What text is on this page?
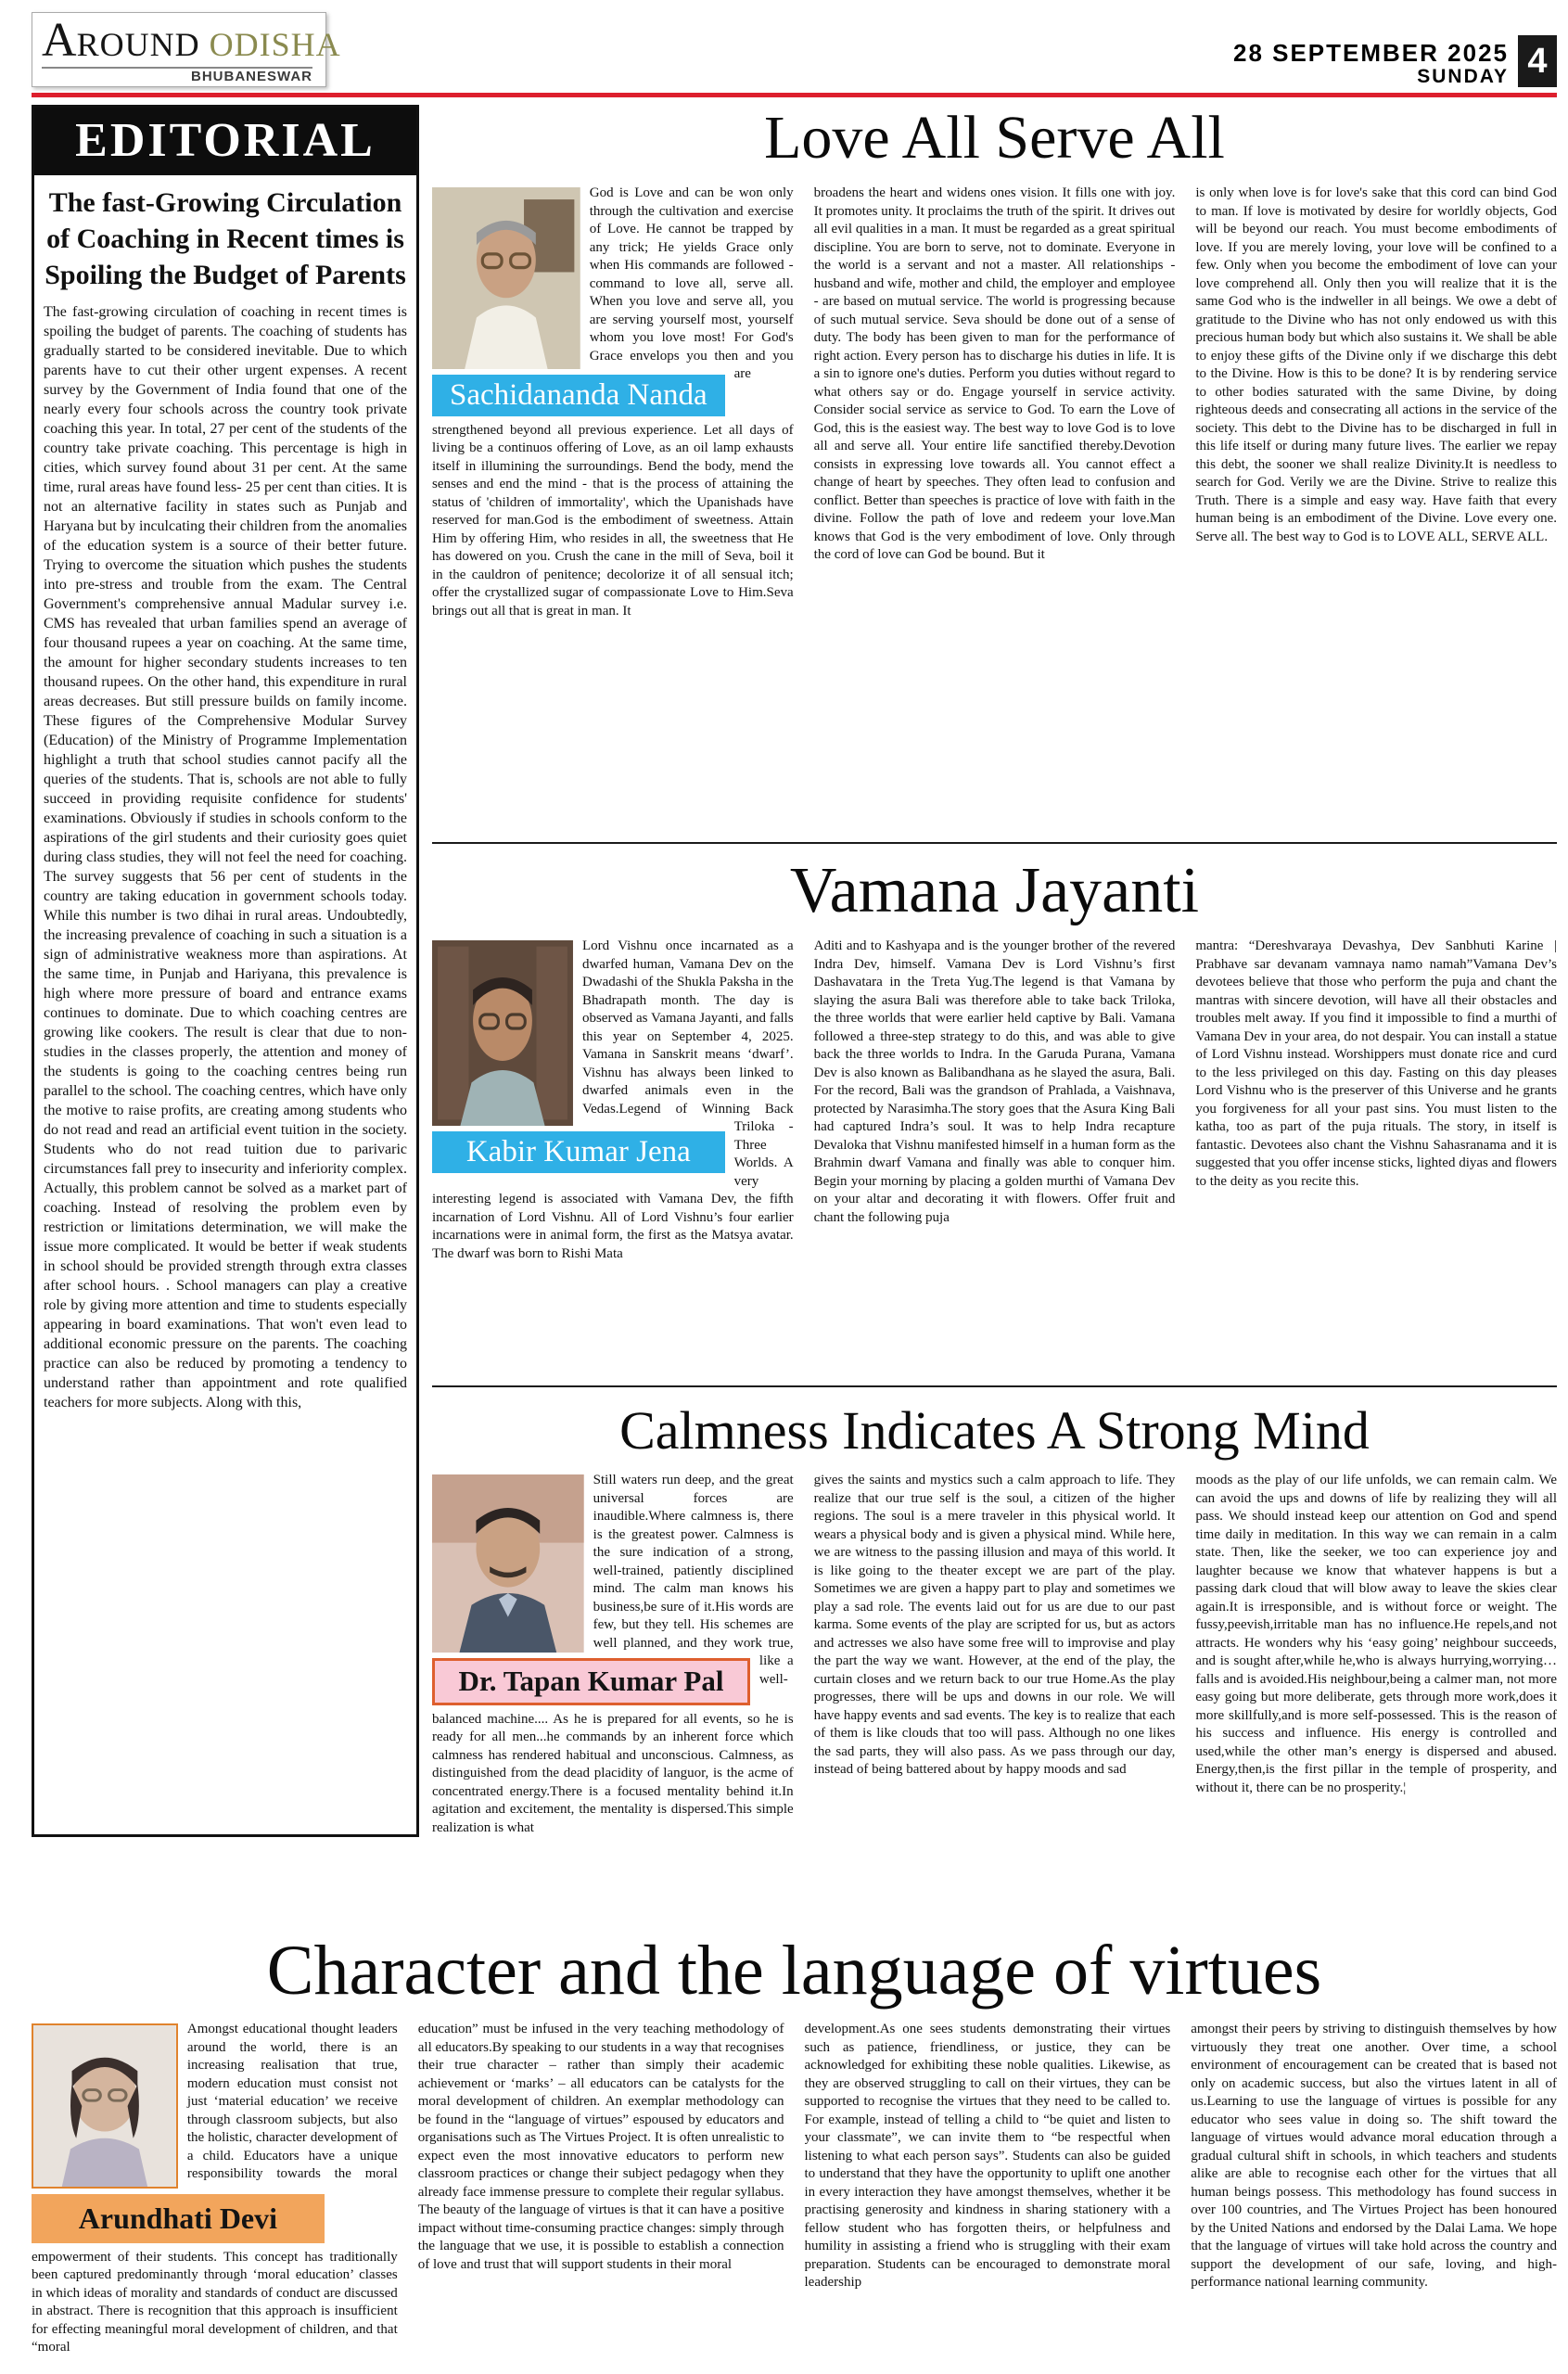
AROUND ODISHA
BHUBANESWAR
28 SEPTEMBER 2025
SUNDAY 4
EDITORIAL
The fast-Growing Circulation of Coaching in Recent times is Spoiling the Budget of Parents
The fast-growing circulation of coaching in recent times is spoiling the budget of parents. The coaching of students has gradually started to be considered inevitable. Due to which parents have to cut their other urgent expenses. A recent survey by the Government of India found that one of the nearly every four schools across the country took private coaching this year. In total, 27 per cent of the students of the country take private coaching. This percentage is high in cities, which survey found about 31 per cent. At the same time, rural areas have found less- 25 per cent than cities. It is not an alternative facility in states such as Punjab and Haryana but by inculcating their children from the anomalies of the education system is a source of their better future. Trying to overcome the situation which pushes the students into pre-stress and trouble from the exam. The Central Government's comprehensive annual Madular survey i.e. CMS has revealed that urban families spend an average of four thousand rupees a year on coaching. At the same time, the amount for higher secondary students increases to ten thousand rupees. On the other hand, this expenditure in rural areas decreases. But still pressure builds on family income. These figures of the Comprehensive Modular Survey (Education) of the Ministry of Programme Implementation highlight a truth that school studies cannot pacify all the queries of the students. That is, schools are not able to fully succeed in providing requisite confidence for students' examinations. Obviously if studies in schools conform to the aspirations of the girl students and their curiosity goes quiet during class studies, they will not feel the need for coaching. The survey suggests that 56 per cent of students in the country are taking education in government schools today. While this number is two dihai in rural areas. Undoubtedly, the increasing prevalence of coaching in such a situation is a sign of administrative weakness more than aspirations. At the same time, in Punjab and Hariyana, this prevalence is high where more pressure of board and entrance exams continues to dominate. Due to which coaching centres are growing like cookers. The result is clear that due to non-studies in the classes properly, the attention and money of the students is going to the coaching centres being run parallel to the school. The coaching centres, which have only the motive to raise profits, are creating among students who do not read and read an artificial event tuition in the society. Students who do not read tuition due to parivaric circumstances fall prey to insecurity and inferiority complex. Actually, this problem cannot be solved as a market part of coaching. Instead of resolving the problem even by restriction or limitations determination, we will make the issue more complicated. It would be better if weak students in school should be provided strength through extra classes after school hours. . School managers can play a creative role by giving more attention and time to students especially appearing in board examinations. That won't even lead to additional economic pressure on the parents. The coaching practice can also be reduced by promoting a tendency to understand rather than appointment and rote qualified teachers for more subjects. Along with this,
Love All Serve All
Sachidananda Nanda
God is Love and can be won only through the cultivation and exercise of Love. He cannot be trapped by any trick; He yields Grace only when His commands are followed - command to love all, serve all. When you love and serve all, you are serving yourself most, yourself whom you love most! For God's Grace envelops you then and you are strengthened beyond all previous experience. Let all days of living be a continuos offering of Love, as an oil lamp exhausts itself in illumining the surroundings. Bend the body, mend the senses and end the mind - that is the process of attaining the status of 'children of immortality', which the Upanishads have reserved for man.God is the embodiment of sweetness. Attain Him by offering Him, who resides in all, the sweetness that He has dowered on you. Crush the cane in the mill of Seva, boil it in the cauldron of penitence; decolorize it of all sensual itch; offer the crystallized sugar of compassionate Love to Him.Seva brings out all that is great in man. It
broadens the heart and widens ones vision. It fills one with joy. It promotes unity. It proclaims the truth of the spirit. It drives out all evil qualities in a man. It must be regarded as a great spiritual discipline. You are born to serve, not to dominate. Everyone in the world is a servant and not a master. All relationships - husband and wife, mother and child, the employer and employee - are based on mutual service. The world is progressing because of such mutual service. Seva should be done out of a sense of duty. The body has been given to man for the performance of right action. Every person has to discharge his duties in life. It is a sin to ignore one's duties. Perform you duties without regard to what others say or do. Engage yourself in service activity. Consider social service as service to God. To earn the Love of God, this is the easiest way. The best way to love God is to love all and serve all. Your entire life sanctified thereby.Devotion consists in expressing love towards all. You cannot effect a change of heart by speeches. They often lead to confusion and conflict. Better than speeches is practice of love with faith in the divine. Follow the path of love and redeem your love.Man knows that God is the very embodiment of love. Only through the cord of love can God be bound. But it
is only when love is for love's sake that this cord can bind God to man. If love is motivated by desire for worldly objects, God will be beyond our reach. You must become embodiments of love. If you are merely loving, your love will be confined to a few. Only when you become the embodiment of love can your love comprehend all. Only then you will realize that it is the same God who is the indweller in all beings. We owe a debt of gratitude to the Divine who has not only endowed us with this precious human body but which also sustains it. We shall be able to enjoy these gifts of the Divine only if we discharge this debt to the Divine. How is this to be done? It is by rendering service to other bodies saturated with the same Divine, by doing righteous deeds and consecrating all actions in the service of the society. This debt to the Divine has to be discharged in full in this life itself or during many future lives. The earlier we repay this debt, the sooner we shall realize Divinity.It is needless to search for God. Verily we are the Divine. Strive to realize this Truth. There is a simple and easy way. Have faith that every human being is an embodiment of the Divine. Love every one. Serve all. The best way to God is to LOVE ALL, SERVE ALL.
Vamana Jayanti
Kabir Kumar Jena
Lord Vishnu once incarnated as a dwarfed human, Vamana Dev on the Dwadashi of the Shukla Paksha in the Bhadrapath month. The day is observed as Vamana Jayanti, and falls this year on September 4, 2025. Vamana in Sanskrit means ‘dwarf’. Vishnu has always been linked to dwarfed animals even in the Vedas.Legend of Winning Back Triloka - Three Worlds. A very interesting legend is associated with Vamana Dev, the fifth incarnation of Lord Vishnu. All of Lord Vishnu’s four earlier incarnations were in animal form, the first as the Matsya avatar. The dwarf was born to Rishi Mata
Aditi and to Kashyapa and is the younger brother of the revered Indra Dev, himself. Vamana Dev is Lord Vishnu’s first Dashavatara in the Treta Yug.The legend is that Vamana by slaying the asura Bali was therefore able to take back Triloka, the three worlds that were earlier held captive by Bali. Vamana followed a three-step strategy to do this, and was able to give back the three worlds to Indra. In the Garuda Purana, Vamana Dev is also known as Balibandhana as he slayed the asura, Bali. For the record, Bali was the grandson of Prahlada, a Vaishnava, protected by Narasimha.The story goes that the Asura King Bali had captured Indra’s soul. It was to help Indra recapture Devaloka that Vishnu manifested himself in a human form as the Brahmin dwarf Vamana and finally was able to conquer him. Begin your morning by placing a golden murthi of Vamana Dev on your altar and decorating it with flowers. Offer fruit and chant the following puja
mantra: “Dereshvaraya Devashya, Dev Sanbhuti Karine | Prabhave sar devanam vamnaya namo namah”Vamana Dev’s devotees believe that those who perform the puja and chant the mantras with sincere devotion, will have all their obstacles and troubles melt away. If you find it impossible to find a murthi of Vamana Dev in your area, do not despair. You can install a statue of Lord Vishnu instead. Worshippers must donate rice and curd to the less privileged on this day. Fasting on this day pleases Lord Vishnu who is the preserver of this Universe and he grants you forgiveness for all your past sins. You must listen to the katha, too as part of the puja rituals. The story, in itself is fantastic. Devotees also chant the Vishnu Sahasranama and it is suggested that you offer incense sticks, lighted diyas and flowers to the deity as you recite this.
Calmness Indicates A Strong Mind
Dr. Tapan Kumar Pal
Still waters run deep, and the great universal forces are inaudible.Where calmness is, there is the greatest power. Calmness is the sure indication of a strong, well-trained, patiently disciplined mind. The calm man knows his business,be sure of it.His words are few, but they tell. His schemes are well planned, and they work true, like a well-balanced machine.... As he is prepared for all events, so he is ready for all men...he commands by an inherent force which calmness has rendered habitual and unconscious. Calmness, as distinguished from the dead placidity of languor, is the acme of concentrated energy.There is a focused mentality behind it.In agitation and excitement, the mentality is dispersed.This simple realization is what
gives the saints and mystics such a calm approach to life. They realize that our true self is the soul, a citizen of the higher regions. The soul is a mere traveler in this physical world. It wears a physical body and is given a physical mind. While here, we are witness to the passing illusion and maya of this world. It is like going to the theater except we are part of the play. Sometimes we are given a happy part to play and sometimes we play a sad role. The events laid out for us are due to our past karma. Some events of the play are scripted for us, but as actors and actresses we also have some free will to improvise and play the part the way we want. However, at the end of the play, the curtain closes and we return back to our true Home.As the play progresses, there will be ups and downs in our role. We will have happy events and sad events. The key is to realize that each of them is like clouds that too will pass. Although no one likes the sad parts, they will also pass. As we pass through our day, instead of being battered about by happy moods and sad
moods as the play of our life unfolds, we can remain calm. We can avoid the ups and downs of life by realizing they will all pass. We should instead keep our attention on God and spend time daily in meditation. In this way we can remain in a calm state. Then, like the seeker, we too can experience joy and laughter because we know that whatever happens is but a passing dark cloud that will blow away to leave the skies clear again.It is irresponsible, and is without force or weight. The fussy,peevish,irritable man has no influence.He repels,and not attracts. He wonders why his ‘easy going’ neighbour succeeds, and is sought after,while he,who is always hurrying,worrying… falls and is avoided.His neighbour,being a calmer man, not more easy going but more deliberate, gets through more work,does it more skillfully,and is more self-possessed. This is the reason of his success and influence. His energy is controlled and used,while the other man’s energy is dispersed and abused. Energy,then,is the first pillar in the temple of prosperity, and without it, there can be no prosperity.¦
Character and the language of virtues
Arundhati Devi
Amongst educational thought leaders around the world, there is an increasing realisation that true, modern education must consist not just ‘material education’ we receive through classroom subjects, but also the holistic, character development of a child. Educators have a unique responsibility towards the moral empowerment of their students. This concept has traditionally been captured predominantly through ‘moral education’ classes in which ideas of morality and standards of conduct are discussed in abstract. There is recognition that this approach is insufficient for effecting meaningful moral development of children, and that “moral
education” must be infused in the very teaching methodology of all educators.By speaking to our students in a way that recognises their true character – rather than simply their academic achievement or ‘marks’ – all educators can be catalysts for the moral development of children. An exemplar methodology can be found in the “language of virtues” espoused by educators and organisations such as The Virtues Project. It is often unrealistic to expect even the most innovative educators to perform new classroom practices or change their subject pedagogy when they already face immense pressure to complete their regular syllabus. The beauty of the language of virtues is that it can have a positive impact without time-consuming practice changes: simply through the language that we use, it is possible to establish a connection of love and trust that will support students in their moral
development.As one sees students demonstrating their virtues such as patience, friendliness, or justice, they can be acknowledged for exhibiting these noble qualities. Likewise, as they are observed struggling to call on their virtues, they can be supported to recognise the virtues that they need to be called to. For example, instead of telling a child to “be quiet and listen to your classmate”, we can invite them to “be respectful when listening to what each person says”. Students can also be guided to understand that they have the opportunity to uplift one another in every interaction they have amongst themselves, whether it be practising generosity and kindness in sharing stationery with a fellow student who has forgotten theirs, or helpfulness and humility in assisting a friend who is struggling with their exam preparation. Students can be encouraged to demonstrate moral leadership
amongst their peers by striving to distinguish themselves by how virtuously they treat one another. Over time, a school environment of encouragement can be created that is based not only on academic success, but also the virtues latent in all of us.Learning to use the language of virtues is possible for any educator who sees value in doing so. The shift toward the language of virtues would advance moral education through a gradual cultural shift in schools, in which teachers and students alike are able to recognise each other for the virtues that all human beings possess. This methodology has found success in over 100 countries, and The Virtues Project has been honoured by the United Nations and endorsed by the Dalai Lama. We hope that the language of virtues will take hold across the country and support the development of our safe, loving, and high-performance national learning community.
